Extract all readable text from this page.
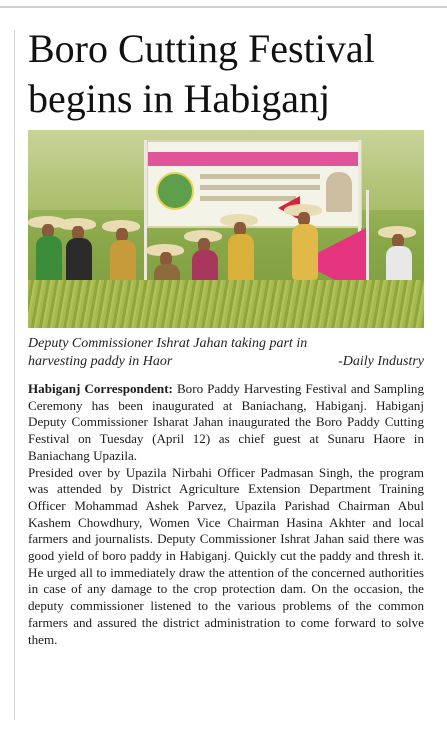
Boro Cutting Festival begins in Habiganj
Deputy Commissioner Ishrat Jahan taking part in
harvesting paddy in Haor	-Daily Industry

Habiganj Correspondent: Boro Paddy Harvesting Festival and Sampling Ceremony has been inaugurated at Baniachang, Habiganj. Habiganj Deputy Commissioner Isharat Jahan inaugurated the Boro Paddy Cutting Festival on Tuesday (April 12) as chief guest at Sunaru Haore in Baniachang Upazila.

Presided over by Upazila Nirbahi Officer Padmasan Singh, the program was attended by District Agriculture Extension Department Training Officer Mohammad Ashek Parvez, Upazila Parishad Chairman Abul Kashem Chowdhury, Women Vice Chairman Hasina Akhter and local farmers and journalists. Deputy Commissioner Ishrat Jahan said there was good yield of boro paddy in Habiganj. Quickly cut the paddy and thresh it. He urged all to immediately draw the attention of the concerned authorities in case of any damage to the crop protection dam. On the occasion, the deputy commissioner listened to the various problems of the common farmers and assured the district administration to come forward to solve them.
